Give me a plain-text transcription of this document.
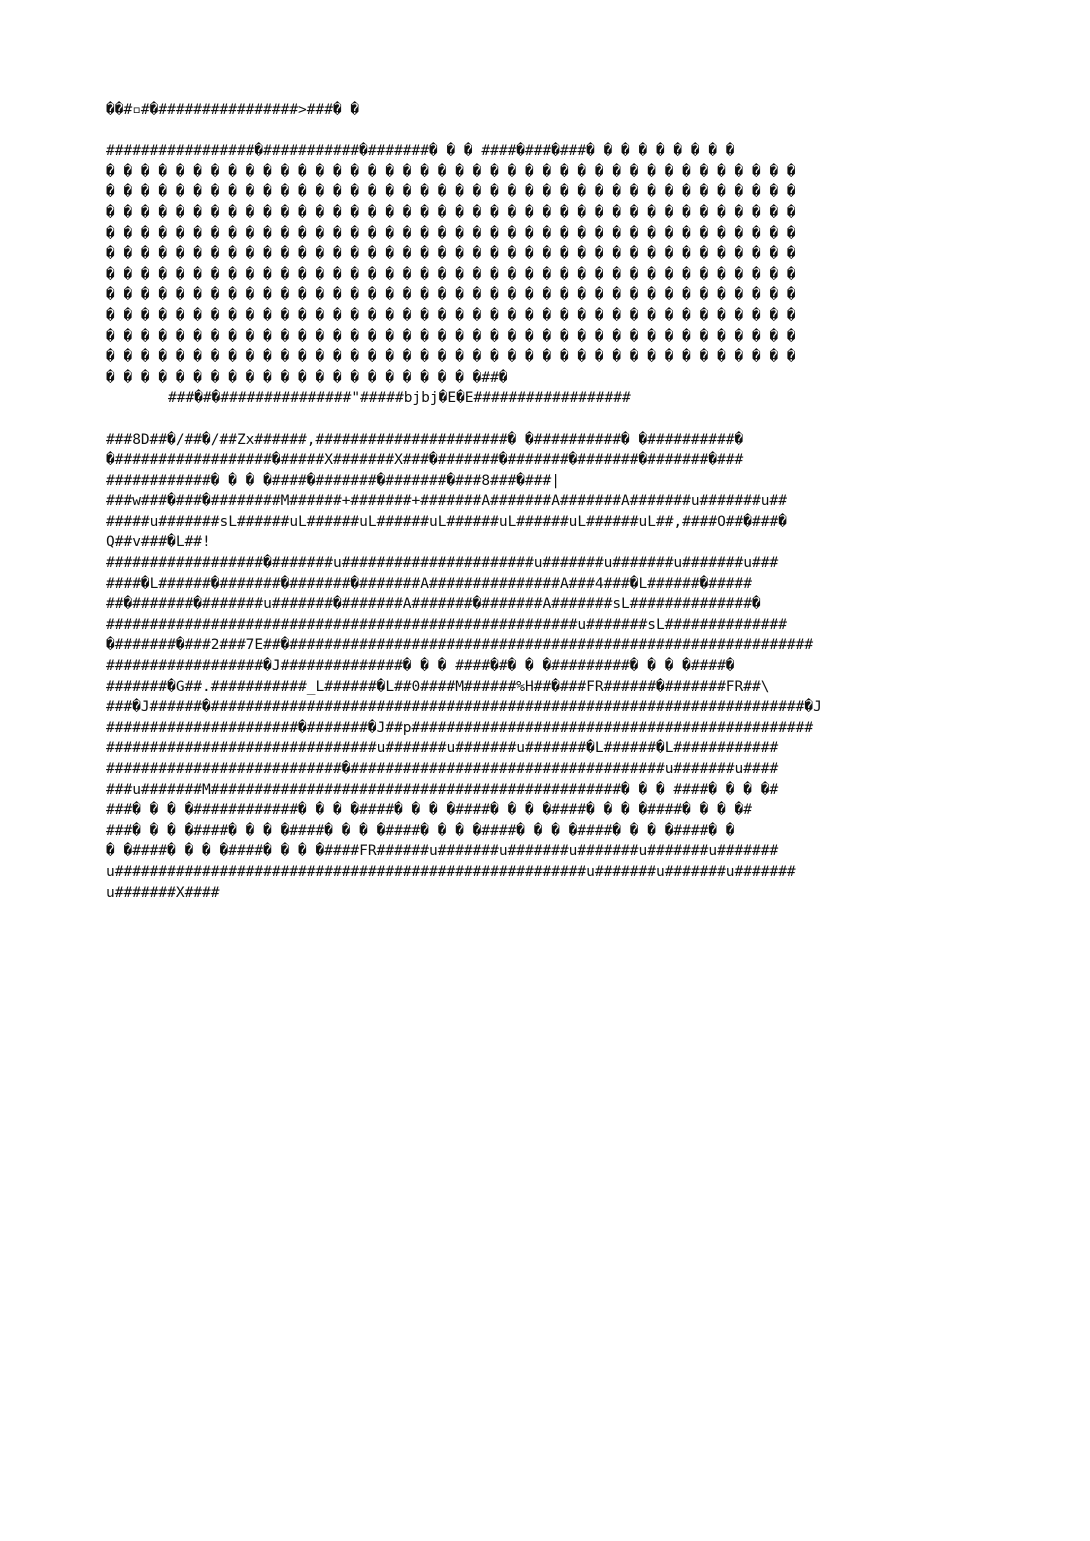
��#▫#�################>###� �
#################�###########�#######� � � ####�###�###� � � � � � � � �
� � � � � � � � � � � � � � � � � � � � � � � � � � � � � � � � � � � � � � � �
� � � � � � � � � � � � � � � � � � � � � � � � � � � � � � � � � � � � � � � �
� � � � � � � � � � � � � � � � � � � � � � � � � � � � � � � � � � � � � � � �
� � � � � � � � � � � � � � � � � � � � � � � � � � � � � � � � � � � � � � � �
� � � � � � � � � � � � � � � � � � � � � � � � � � � � � � � � � � � � � � � �
� � � � � � � � � � � � � � � � � � � � � � � � � � � � � � � � � � � � � � � �
� � � � � � � � � � � � � � � � � � � � � � � � � � � � � � � � � � � � � � � �
� � � � � � � � � � � � � � � � � � � � � � � � � � � � � � � � � � � � � � � �
� � � � � � � � � � � � � � � � � � � � � � � � � � � � � � � � � � � � � � � �
� � � � � � � � � � � � � � � � � � � � � � � � � � � � � � � � � � � � � � � �
� � � � � � � � � � � � � � � � � � � � � �##�
###�#�###############"#####bjbj�E�E##################
###8D##�/##�/##Zx######,######################� �##########� �##########�
�##################�#####X#######X###�#######�#######�#######�#######�###
############� � � �####�#######�#######�###8###�###|
###w###�###�########M######+#######+#######A#######A#######A#######u#######u##
#####u#######sL######uL######uL######uL######uL######uL######uL##,####O##�###�
Q##v###�L##!
##################�#######u######################u#######u#######u#######u###
####�L######�#######�#######�#######A###############A###4###�L######�#####
##�#######�#######u#######�#######A#######�#######A#######sL##############�
######################################################u#######sL##############
�#######�###2###7E##�############################################################
##################�J##############� � � ####�#� � �#########� � � �####�
#######�G##.###########_L######�L##0####M######%H##�###FR######�#######FR##\
###�J######�####################################################################�J
######################�#######�J##p##############################################
###############################u#######u#######u#######�L######�L############
###########################�####################################u#######u####
###u#######M###############################################� � � ####� � � �#
###� � � �############� � � �####� � � �####� � � �####� � � �####� � � �#
###� � � �####� � � �####� � � �####� � � �####� � � �####� � � �####� �
� �####� � � �####� � � �####FR######u#######u#######u#######u#######u#######
u######################################################u#######u#######u#######
u#######X####
